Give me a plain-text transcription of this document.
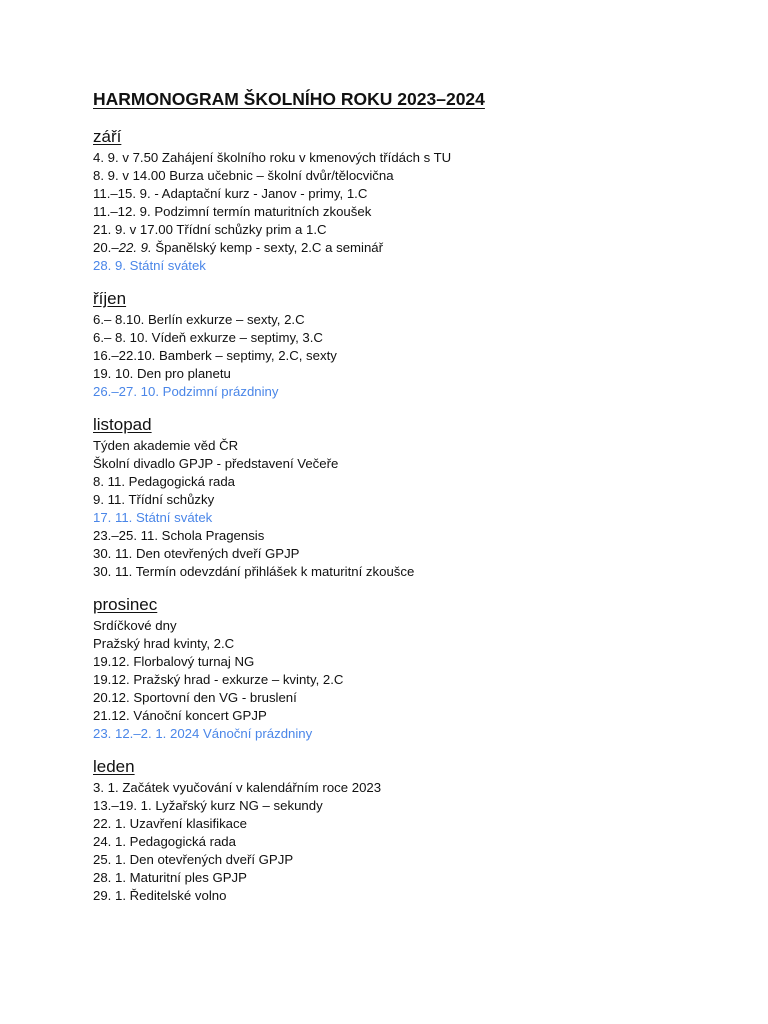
HARMONOGRAM ŠKOLNÍHO ROKU 2023–2024
září
4. 9. v 7.50 Zahájení školního roku v kmenových třídách s TU
8. 9. v 14.00 Burza učebnic – školní dvůr/tělocvična
11.–15. 9. - Adaptační kurz - Janov - primy, 1.C
11.–12. 9. Podzimní termín maturitních zkoušek
21. 9. v 17.00 Třídní schůzky prim a 1.C
20.–22. 9. Španělský kemp - sexty, 2.C a seminář
28. 9. Státní svátek
říjen
6.– 8.10. Berlín exkurze – sexty, 2.C
6.– 8. 10. Vídeň exkurze – septimy, 3.C
16.–22.10. Bamberk – septimy, 2.C, sexty
19. 10. Den pro planetu
26.–27. 10. Podzimní prázdniny
listopad
Týden akademie věd ČR
Školní divadlo GPJP - představení Večeře
8. 11. Pedagogická rada
9. 11. Třídní schůzky
17. 11. Státní svátek
23.–25. 11. Schola Pragensis
30. 11. Den otevřených dveří GPJP
30. 11. Termín odevzdání přihlášek k maturitní zkoušce
prosinec
Srdíčkové dny
Pražský hrad kvinty, 2.C
19.12. Florbalový turnaj NG
19.12. Pražský hrad - exkurze – kvinty, 2.C
20.12. Sportovní den VG - bruslení
21.12. Vánoční koncert GPJP
23. 12.–2. 1. 2024 Vánoční prázdniny
leden
3. 1. Začátek vyučování v kalendářním roce 2023
13.–19. 1. Lyžařský kurz NG – sekundy
22. 1. Uzavření klasifikace
24. 1. Pedagogická rada
25. 1. Den otevřených dveří GPJP
28. 1. Maturitní ples GPJP
29. 1. Ředitelské volno
